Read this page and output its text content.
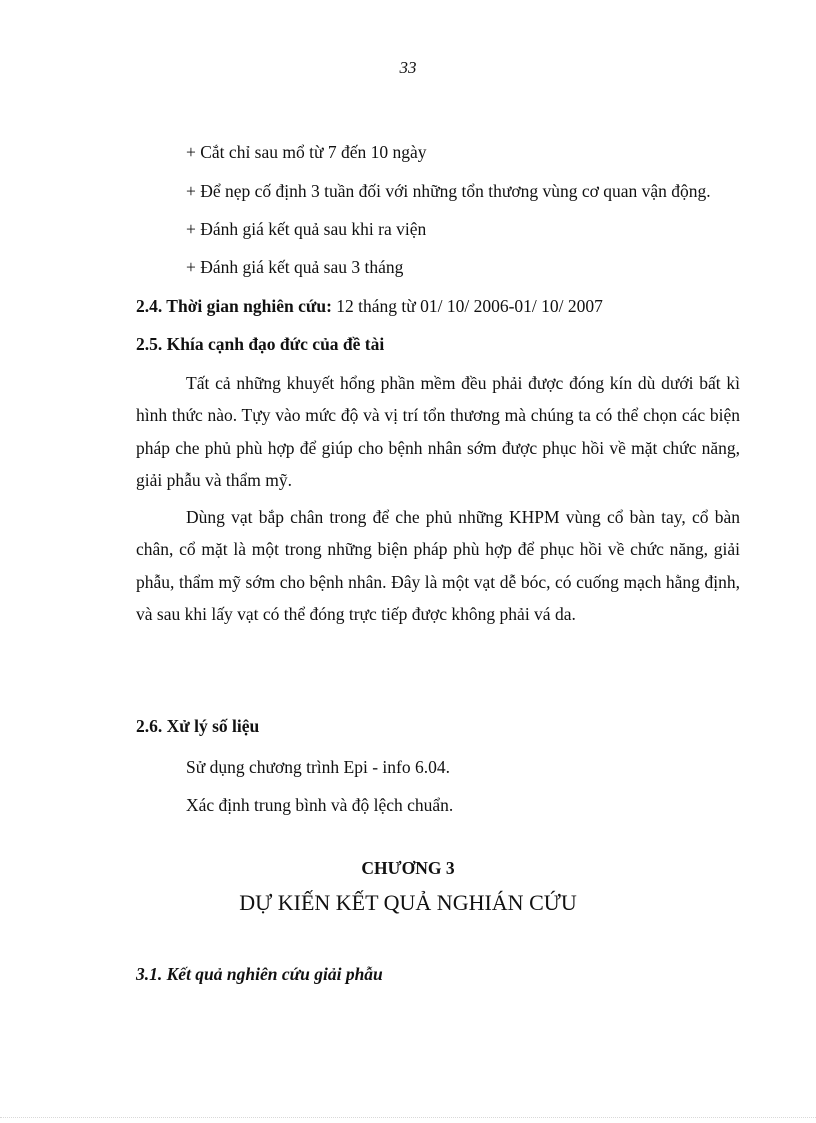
33
+ Cắt chỉ sau mổ từ 7 đến 10 ngày
+ Để nẹp cố định 3 tuần đối với những tổn thương vùng cơ quan vận động.
+ Đánh giá kết quả sau khi ra viện
+ Đánh giá kết quả sau 3 tháng
2.4. Thời gian nghiên cứu: 12 tháng từ 01/ 10/ 2006-01/ 10/ 2007
2.5. Khía cạnh đạo đức của đề tài

Tất cả những khuyết hổng phần mềm đều phải được đóng kín dù dưới bất kì hình thức nào. Tựy vào mức độ và vị trí tổn thương mà chúng ta có thể chọn các biện pháp che phủ phù hợp để giúp cho bệnh nhân sớm được phục hồi về mặt chức năng, giải phẫu và thẩm mỹ.

Dùng vạt bắp chân trong để che phủ những KHPM vùng cổ bàn tay, cổ bàn chân, cổ mặt là một trong những biện pháp phù hợp để phục hồi về chức năng, giải phẫu, thẩm mỹ sớm cho bệnh nhân. Đây là một vạt dễ bóc, có cuống mạch hằng định, và sau khi lấy vạt có thể đóng trực tiếp được không phải vá da.

2.6. Xử lý số liệu
Sử dụng chương trình Epi - info 6.04.
Xác định trung bình và độ lệch chuẩn.
CHƯƠNG 3
DỰ KIẾN KẾT QUẢ NGHIÁN CỨU
3.1. Kết quả nghiên cứu giải phẫu
